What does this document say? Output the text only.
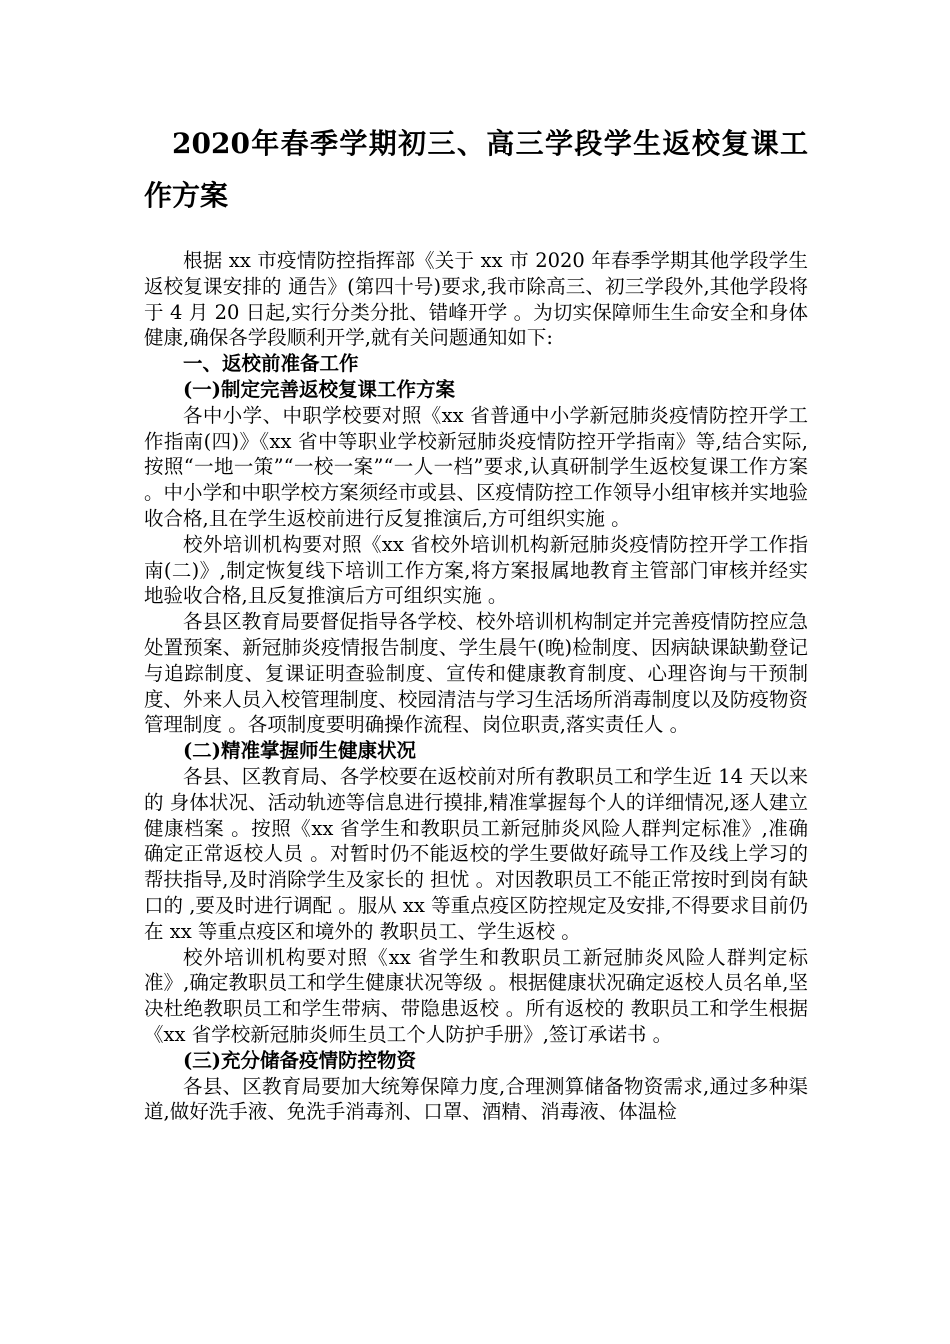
2020年春季学期初三、高三学段学生返校复课工作方案

根据 xx 市疫情防控指挥部《关于 xx 市 2020 年春季学期其他学段学生返校复课安排的 通告》(第四十号)要求,我市除高三、初三学段外,其他学段将于 4 月 20 日起,实行分类分批、错峰开学 。为切实保障师生生命安全和身体健康,确保各学段顺利开学,就有关问题通知如下:

一、返校前准备工作

(一)制定完善返校复课工作方案

各中小学、中职学校要对照《xx 省普通中小学新冠肺炎疫情防控开学工作指南(四)》《xx 省中等职业学校新冠肺炎疫情防控开学指南》等,结合实际,按照“一地一策”“一校一案”“一人一档”要求,认真研制学生返校复课工作方案 。中小学和中职学校方案须经市或县、区疫情防控工作领导小组审核并实地验收合格,且在学生返校前进行反复推演后,方可组织实施 。

校外培训机构要对照《xx 省校外培训机构新冠肺炎疫情防控开学工作指南(二)》,制定恢复线下培训工作方案,将方案报属地教育主管部门审核并经实地验收合格,且反复推演后方可组织实施 。

各县区教育局要督促指导各学校、校外培训机构制定并完善疫情防控应急处置预案、新冠肺炎疫情报告制度、学生晨午(晚)检制度、因病缺课缺勤登记与追踪制度、复课证明查验制度、宣传和健康教育制度、心理咨询与干预制度、外来人员入校管理制度、校园清洁与学习生活场所消毒制度以及防疫物资管理制度 。各项制度要明确操作流程、岗位职责,落实责任人 。

(二)精准掌握师生健康状况

各县、区教育局、各学校要在返校前对所有教职员工和学生近 14 天以来的 身体状况、活动轨迹等信息进行摸排,精准掌握每个人的详细情况,逐人建立健康档案 。按照《xx 省学生和教职员工新冠肺炎风险人群判定标准》,准确确定正常返校人员 。对暂时仍不能返校的学生要做好疏导工作及线上学习的 帮扶指导,及时消除学生及家长的 担忧 。对因教职员工不能正常按时到岗有缺口的 ,要及时进行调配 。服从 xx 等重点疫区防控规定及安排,不得要求目前仍在 xx 等重点疫区和境外的 教职员工、学生返校 。

校外培训机构要对照《xx 省学生和教职员工新冠肺炎风险人群判定标准》,确定教职员工和学生健康状况等级 。根据健康状况确定返校人员名单,坚决杜绝教职员工和学生带病、带隐患返校 。所有返校的 教职员工和学生根据《xx 省学校新冠肺炎师生员工个人防护手册》,签订承诺书 。

(三)充分储备疫情防控物资

各县、区教育局要加大统筹保障力度,合理测算储备物资需求,通过多种渠道,做好洗手液、免洗手消毒剂、口罩、酒精、消毒液、体温检
